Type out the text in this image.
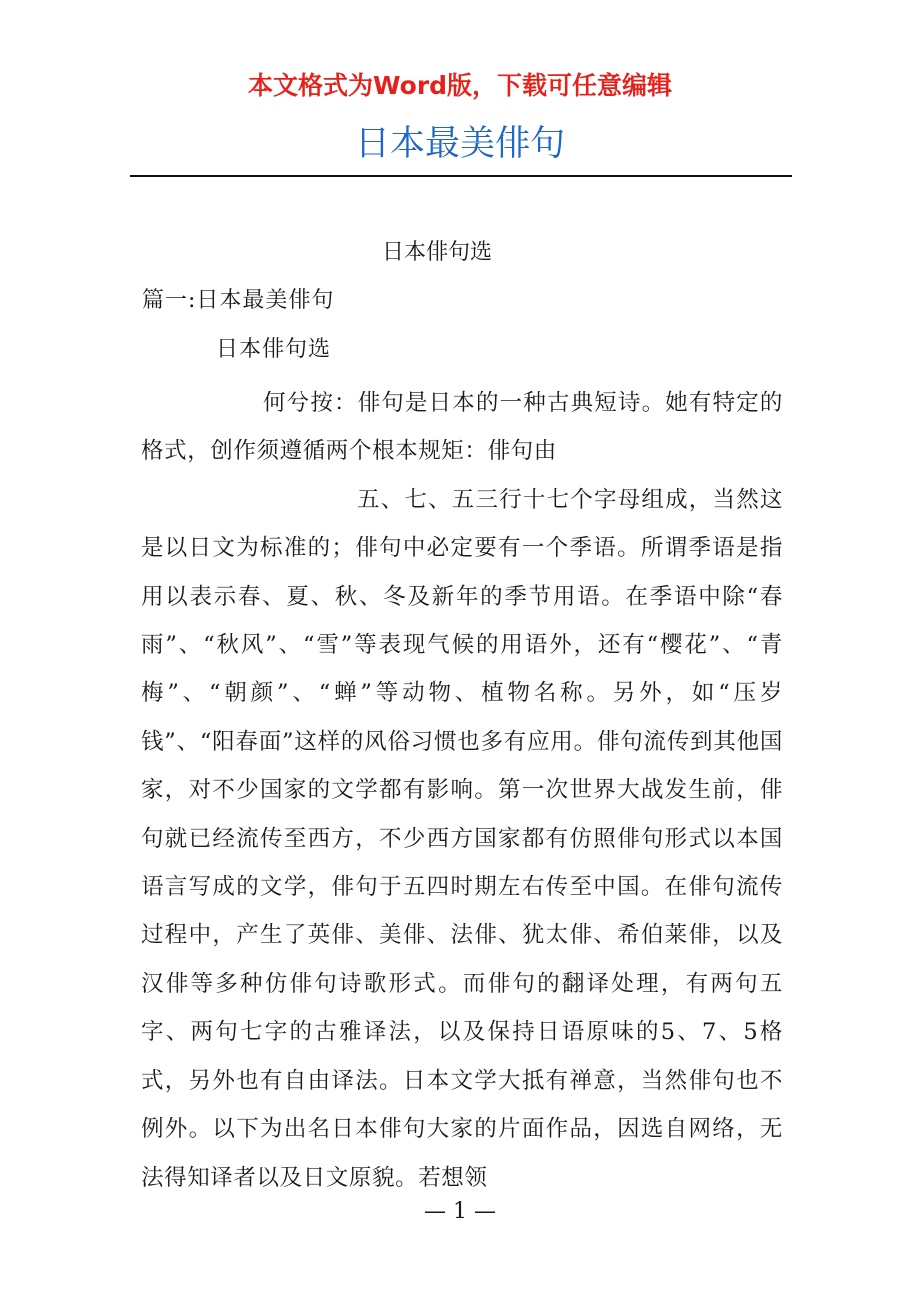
本文格式为Word版，下载可任意编辑
日本最美俳句
日本俳句选
篇一:日本最美俳句
日本俳句选

何兮按：俳句是日本的一种古典短诗。她有特定的格式，创作须遵循两个根本规矩：俳句由

五、七、五三行十七个字母组成，当然这是以日文为标准的；俳句中必定要有一个季语。所谓季语是指用以表示春、夏、秋、冬及新年的季节用语。在季语中除“春雨”、“秋风”、“雪”等表现气候的用语外，还有“樱花”、“青梅”、“朝颜”、“蝉”等动物、植物名称。另外，如“压岁钱”、“阳春面”这样的风俗习惯也多有应用。俳句流传到其他国家，对不少国家的文学都有影响。第一次世界大战发生前，俳句就已经流传至西方，不少西方国家都有仿照俳句形式以本国语言写成的文学，俳句于五四时期左右传至中国。在俳句流传过程中，产生了英俳、美俳、法俳、犹太俳、希伯莱俳，以及汉俳等多种仿俳句诗歌形式。而俳句的翻译处理，有两句五字、两句七字的古雅译法，以及保持日语原味的5、7、5格式，另外也有自由译法。日本文学大抵有禅意，当然俳句也不例外。以下为出名日本俳句大家的片面作品，因选自网络，无法得知译者以及日文原貌。若想领

— 1 —
